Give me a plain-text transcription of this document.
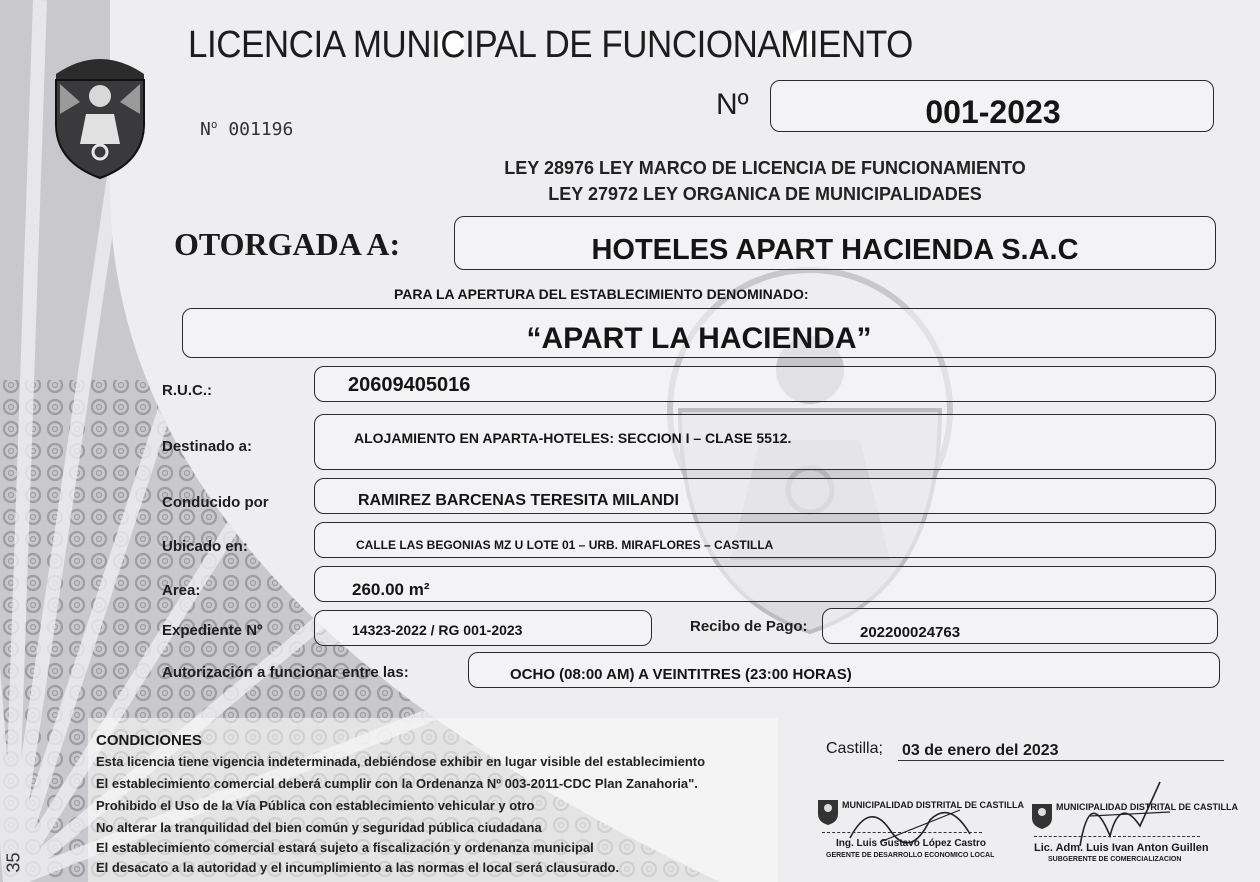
LICENCIA MUNICIPAL DE FUNCIONAMIENTO
$N^o$ 001196
Nº	001-2023
LEY 28976 LEY MARCO DE LICENCIA DE FUNCIONAMIENTO
LEY 27972 LEY ORGANICA DE MUNICIPALIDADES
OTORGADA A:	HOTELES APART HACIENDA S.A.C
PARA LA APERTURA DEL ESTABLECIMIENTO DENOMINADO:
“APART LA HACIENDA”
R.U.C.:	20609405016
Destinado a:	ALOJAMIENTO EN APARTA-HOTELES: SECCION I – CLASE 5512.
Conducido por	RAMIREZ BARCENAS TERESITA MILANDI
Ubicado en:	CALLE LAS BEGONIAS MZ U LOTE 01 – URB. MIRAFLORES – CASTILLA
Area:	260.00 m²
Expediente Nº	14323-2022 / RG 001-2023	Recibo de Pago:	202200024763
Autorización a funcionar entre las:	OCHO (08:00 AM) A VEINTITRES (23:00 HORAS)
CONDICIONES
Esta licencia tiene vigencia indeterminada, debiéndose exhibir en lugar visible del establecimiento
El establecimiento comercial deberá cumplir con la Ordenanza Nº 003-2011-CDC Plan Zanahoria".
Prohibido el Uso de la Vía Pública con establecimiento vehicular y otro
No alterar la tranquilidad del bien común y seguridad pública ciudadana
El establecimiento comercial estará sujeto a fiscalización y ordenanza municipal
El desacato a la autoridad y el incumplimiento a las normas el local será clausurado.
Castilla; 03 de enero del 2023
MUNICIPALIDAD DISTRITAL DE CASTILLA
Ing. Luis Gustavo López Castro
GERENTE DE DESARROLLO ECONOMICO LOCAL
MUNICIPALIDAD DISTRITAL DE CASTILLA
Lic. Adm. Luis Ivan Anton Guillen
SUBGERENTE DE COMERCIALIZACION
35
